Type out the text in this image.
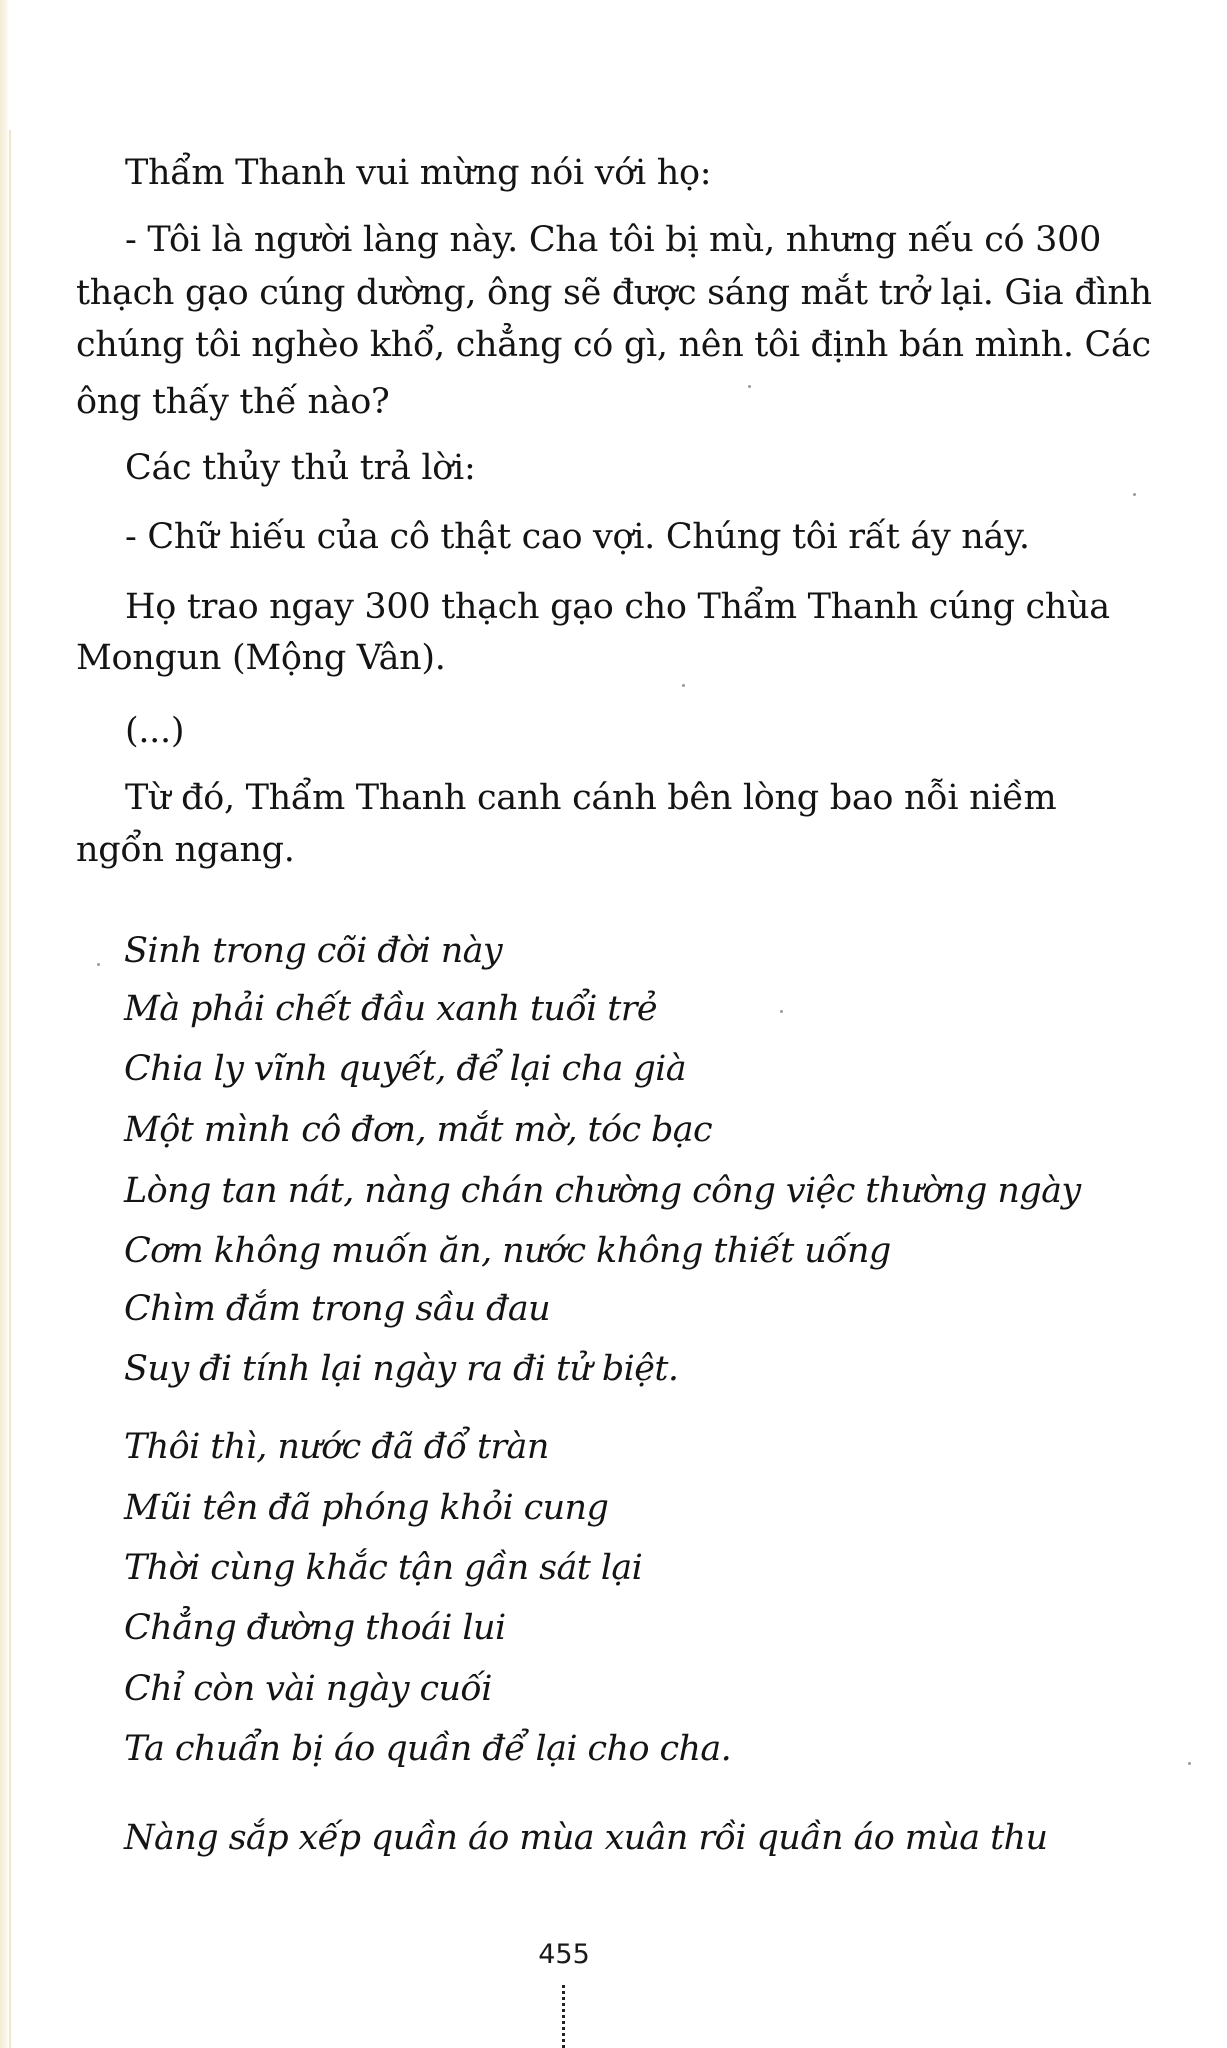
Thẩm Thanh vui mừng nói với họ:
- Tôi là người làng này. Cha tôi bị mù, nhưng nếu có 300
thạch gạo cúng dường, ông sẽ được sáng mắt trở lại. Gia đình
chúng tôi nghèo khổ, chẳng có gì, nên tôi định bán mình. Các
ông thấy thế nào?
Các thủy thủ trả lời:
- Chữ hiếu của cô thật cao vợi. Chúng tôi rất áy náy.
Họ trao ngay 300 thạch gạo cho Thẩm Thanh cúng chùa
Mongun (Mộng Vân).
(...)
Từ đó, Thẩm Thanh canh cánh bên lòng bao nỗi niềm
ngổn ngang.
Sinh trong cõi đời này
Mà phải chết đầu xanh tuổi trẻ
Chia ly vĩnh quyết, để lại cha già
Một mình cô đơn, mắt mờ, tóc bạc
Lòng tan nát, nàng chán chường công việc thường ngày
Cơm không muốn ăn, nước không thiết uống
Chìm đắm trong sầu đau
Suy đi tính lại ngày ra đi tử biệt.
Thôi thì, nước đã đổ tràn
Mũi tên đã phóng khỏi cung
Thời cùng khắc tận gần sát lại
Chẳng đường thoái lui
Chỉ còn vài ngày cuối
Ta chuẩn bị áo quần để lại cho cha.
Nàng sắp xếp quần áo mùa xuân rồi quần áo mùa thu
455
